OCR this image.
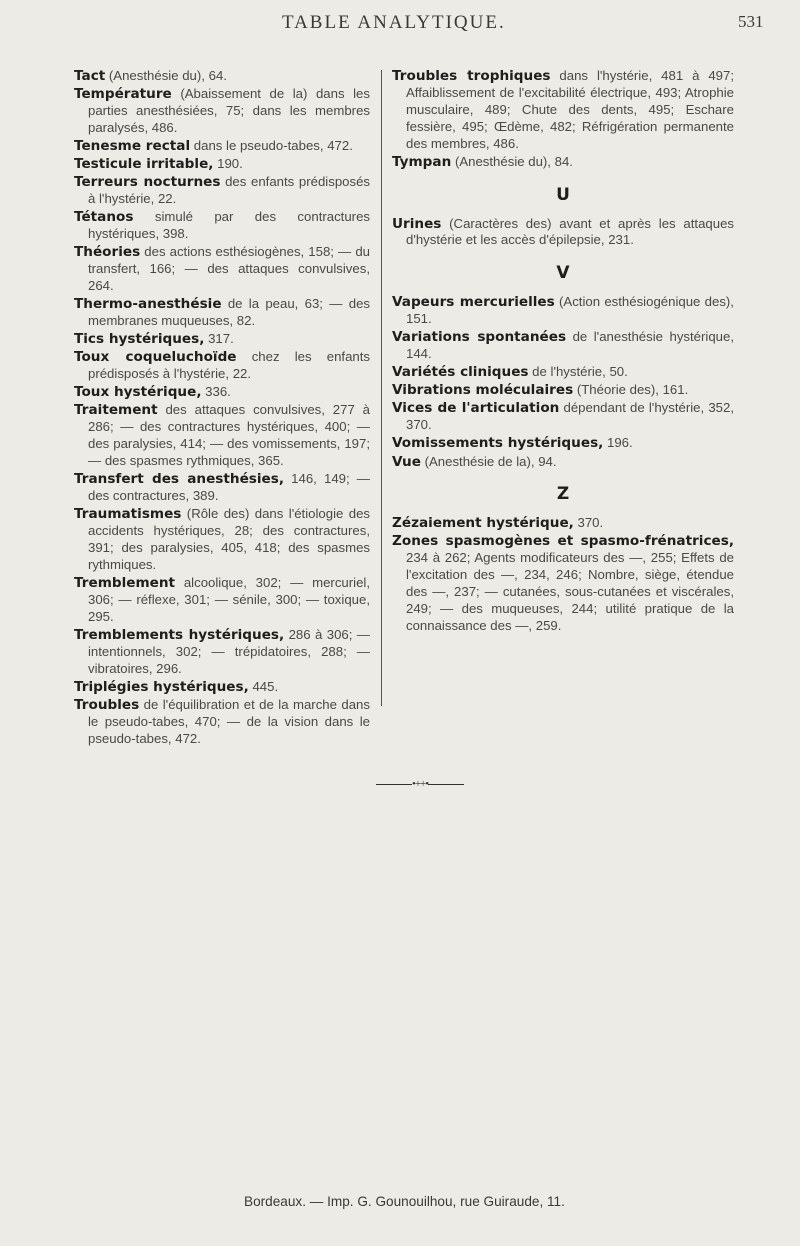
TABLE ANALYTIQUE.	531

Tact (Anesthésie du), 64.

Température (Abaissement de la) dans les parties anesthésiées, 75; dans les membres paralysés, 486.

Tenesme rectal dans le pseudo-tabes, 472.

Testicule irritable, 190.

Terreurs nocturnes des enfants prédisposés à l'hystérie, 22.

Tétanos simulé par des contractures hystériques, 398.

Théories des actions esthésiogènes, 158; — du transfert, 166; — des attaques convulsives, 264.

Thermo-anesthésie de la peau, 63; — des membranes muqueuses, 82.

Tics hystériques, 317.

Toux coqueluchoïde chez les enfants prédisposés à l'hystérie, 22.

Toux hystérique, 336.

Traitement des attaques convulsives, 277 à 286; — des contractures hystériques, 400; — des paralysies, 414; — des vomissements, 197; — des spasmes rythmiques, 365.

Transfert des anesthésies, 146, 149; — des contractures, 389.

Traumatismes (Rôle des) dans l'étiologie des accidents hystériques, 28; des contractures, 391; des paralysies, 405, 418; des spasmes rythmiques.

Tremblement alcoolique, 302; — mercuriel, 306; — réflexe, 301; — sénile, 300; — toxique, 295.

Tremblements hystériques, 286 à 306; — intentionnels, 302; — trépidatoires, 288; — vibratoires, 296.

Triplégies hystériques, 445.

Troubles de l'équilibration et de la marche dans le pseudo-tabes, 470; — de la vision dans le pseudo-tabes, 472.

Troubles trophiques dans l'hystérie, 481 à 497; Affaiblissement de l'excitabilité électrique, 493; Atrophie musculaire, 489; Chute des dents, 495; Eschare fessière, 495; Œdème, 482; Réfrigération permanente des membres, 486.

Tympan (Anesthésie du), 84.

U

Urines (Caractères des) avant et après les attaques d'hystérie et les accès d'épilepsie, 231.

V

Vapeurs mercurielles (Action esthésiogénique des), 151.

Variations spontanées de l'anesthésie hystérique, 144.

Variétés cliniques de l'hystérie, 50.

Vibrations moléculaires (Théorie des), 161.

Vices de l'articulation dépendant de l'hystérie, 352, 370.

Vomissements hystériques, 196.

Vue (Anesthésie de la), 94.

Z

Zézaiement hystérique, 370.

Zones spasmogènes et spasmo-frénatrices, 234 à 262; Agents modificateurs des —, 255; Effets de l'excitation des —, 234, 246; Nombre, siège, étendue des —, 237; — cutanées, sous-cutanées et viscérales, 249; — des muqueuses, 244; utilité pratique de la connaissance des —, 259.

•++•
Bordeaux. — Imp. G. Gounouilhou, rue Guiraude, 11.
